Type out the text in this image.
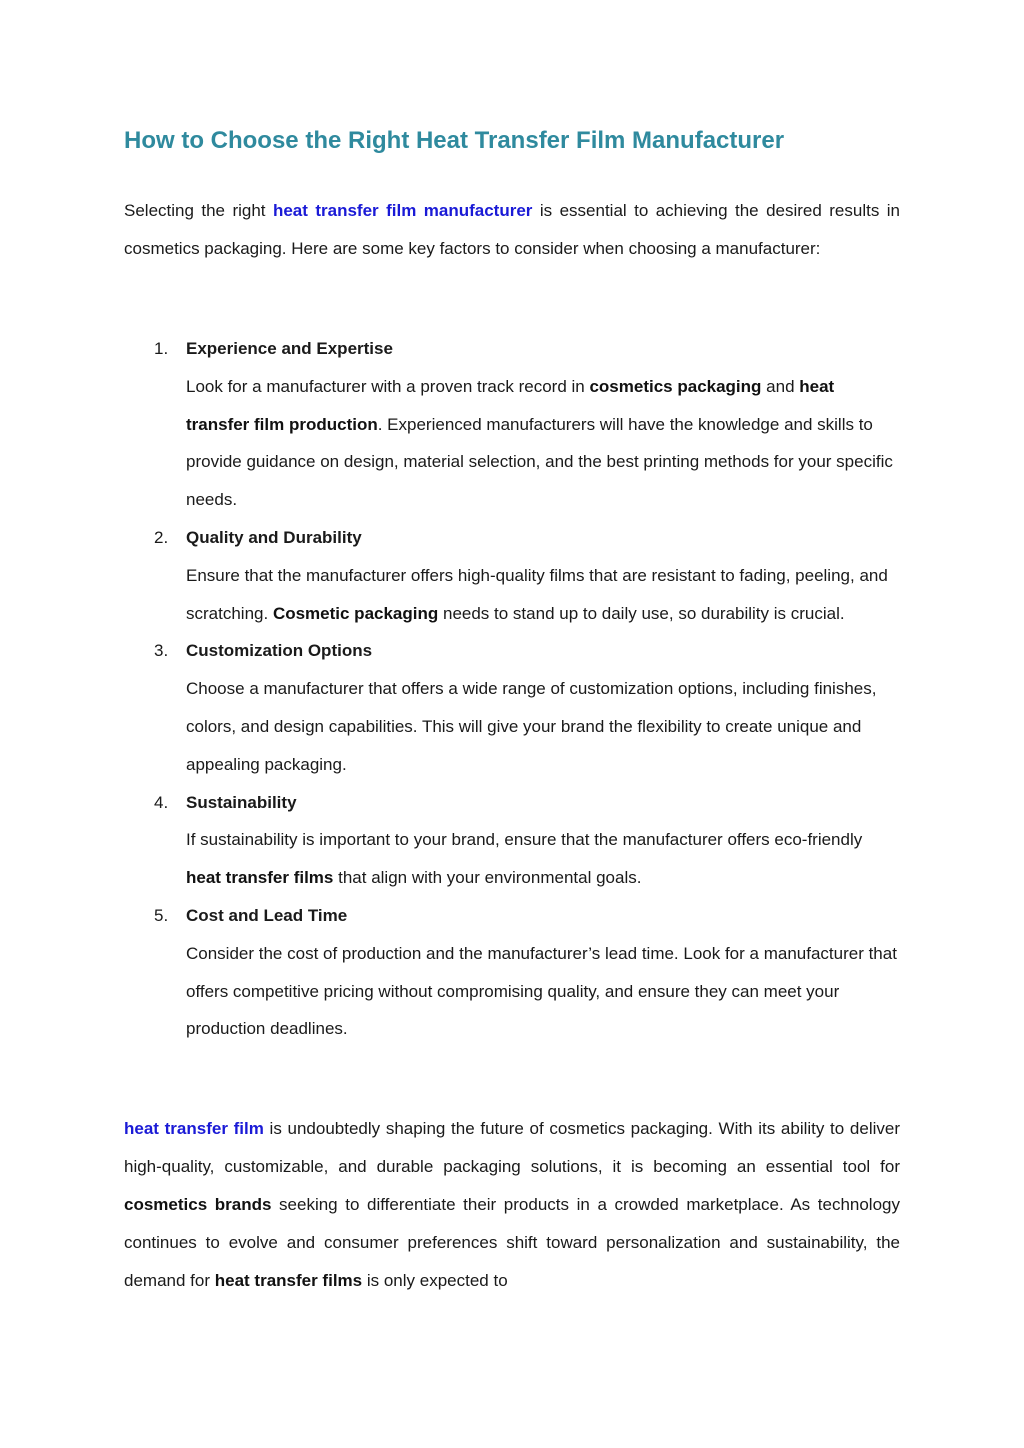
How to Choose the Right Heat Transfer Film Manufacturer

Selecting the right heat transfer film manufacturer is essential to achieving the desired results in cosmetics packaging. Here are some key factors to consider when choosing a manufacturer:

1. Experience and Expertise
Look for a manufacturer with a proven track record in cosmetics packaging and heat transfer film production. Experienced manufacturers will have the knowledge and skills to provide guidance on design, material selection, and the best printing methods for your specific needs.
2. Quality and Durability
Ensure that the manufacturer offers high-quality films that are resistant to fading, peeling, and scratching. Cosmetic packaging needs to stand up to daily use, so durability is crucial.
3. Customization Options
Choose a manufacturer that offers a wide range of customization options, including finishes, colors, and design capabilities. This will give your brand the flexibility to create unique and appealing packaging.
4. Sustainability
If sustainability is important to your brand, ensure that the manufacturer offers eco-friendly heat transfer films that align with your environmental goals.
5. Cost and Lead Time
Consider the cost of production and the manufacturer’s lead time. Look for a manufacturer that offers competitive pricing without compromising quality, and ensure they can meet your production deadlines.

heat transfer film is undoubtedly shaping the future of cosmetics packaging. With its ability to deliver high-quality, customizable, and durable packaging solutions, it is becoming an essential tool for cosmetics brands seeking to differentiate their products in a crowded marketplace. As technology continues to evolve and consumer preferences shift toward personalization and sustainability, the demand for heat transfer films is only expected to
